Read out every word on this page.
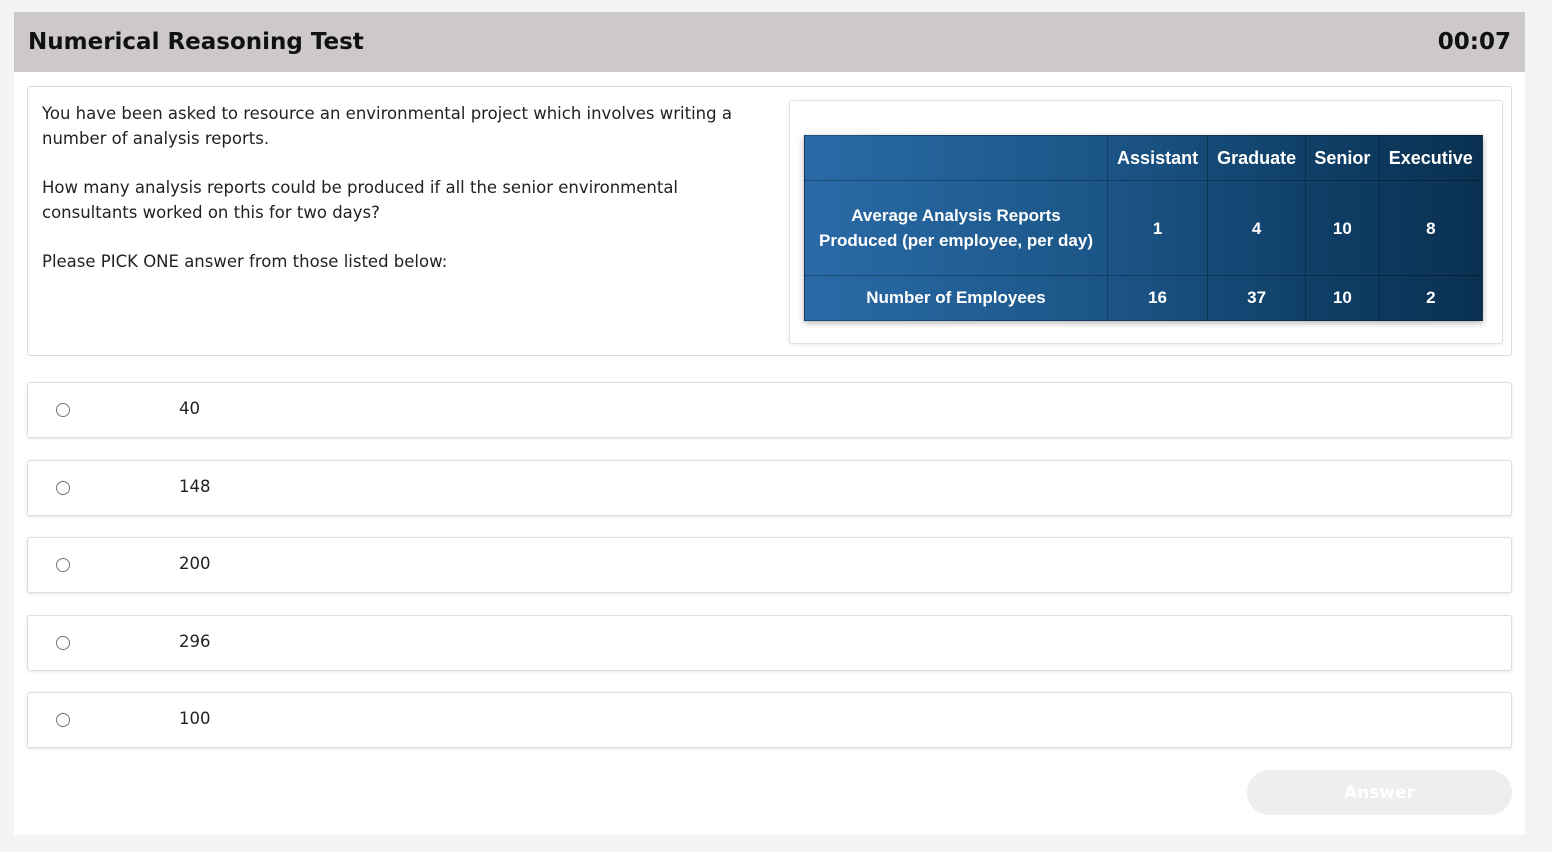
Numerical Reasoning Test	00:07

You have been asked to resource an environmental project which involves writing a number of analysis reports.

How many analysis reports could be produced if all the senior environmental consultants worked on this for two days?

Please PICK ONE answer from those listed below:

	Assistant	Graduate	Senior	Executive
Average Analysis Reports Produced (per employee, per day)	1	4	10	8
Number of Employees	16	37	10	2
40
148
200
296
100
Answer
